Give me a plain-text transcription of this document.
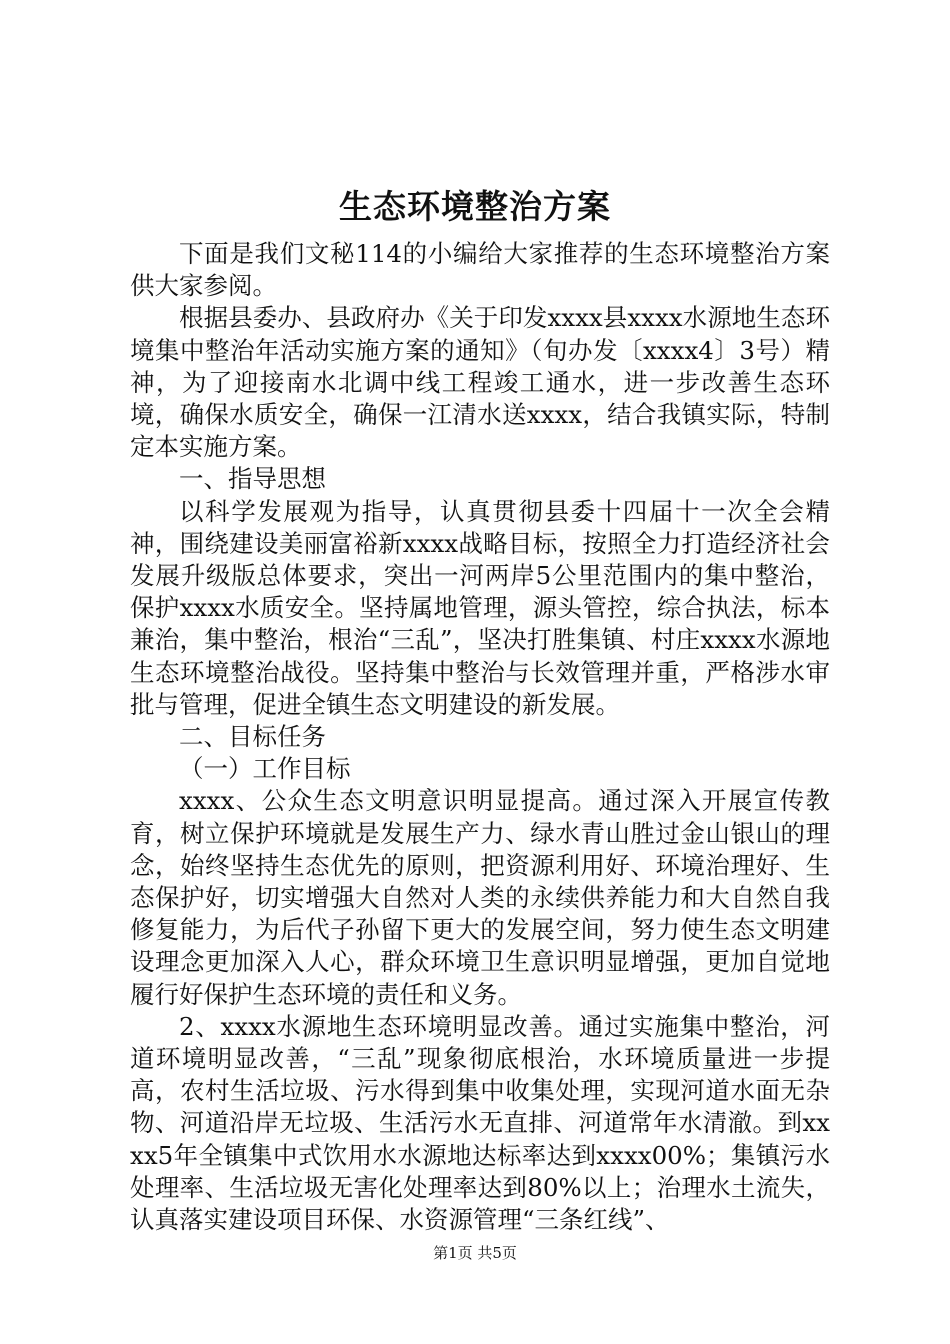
生态环境整治方案

下面是我们文秘114的小编给大家推荐的生态环境整治方案供大家参阅。

根据县委办、县政府办《关于印发xxxx县xxxx水源地生态环境集中整治年活动实施方案的通知》（旬办发〔xxxx4〕3号）精神，为了迎接南水北调中线工程竣工通水，进一步改善生态环境，确保水质安全，确保一江清水送xxxx，结合我镇实际，特制定本实施方案。

一、指导思想

以科学发展观为指导，认真贯彻县委十四届十一次全会精神，围绕建设美丽富裕新xxxx战略目标，按照全力打造经济社会发展升级版总体要求，突出一河两岸5公里范围内的集中整治，保护xxxx水质安全。坚持属地管理，源头管控，综合执法，标本兼治，集中整治，根治“三乱”，坚决打胜集镇、村庄xxxx水源地生态环境整治战役。坚持集中整治与长效管理并重，严格涉水审批与管理，促进全镇生态文明建设的新发展。

二、目标任务

（一）工作目标

xxxx、公众生态文明意识明显提高。通过深入开展宣传教育，树立保护环境就是发展生产力、绿水青山胜过金山银山的理念，始终坚持生态优先的原则，把资源利用好、环境治理好、生态保护好，切实增强大自然对人类的永续供养能力和大自然自我修复能力，为后代子孙留下更大的发展空间，努力使生态文明建设理念更加深入人心，群众环境卫生意识明显增强，更加自觉地履行好保护生态环境的责任和义务。

2、xxxx水源地生态环境明显改善。通过实施集中整治，河道环境明显改善，“三乱”现象彻底根治，水环境质量进一步提高，农村生活垃圾、污水得到集中收集处理，实现河道水面无杂物、河道沿岸无垃圾、生活污水无直排、河道常年水清澈。到xxxx5年全镇集中式饮用水水源地达标率达到xxxx00%；集镇污水处理率、生活垃圾无害化处理率达到80%以上；治理水土流失，认真落实建设项目环保、水资源管理“三条红线”、

第1页 共5页
